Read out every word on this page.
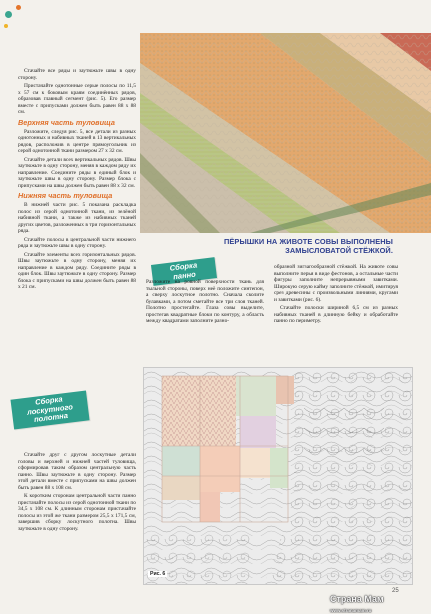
Стачайте все ряды и заутюжьте швы в одну сторону.

Пристачайте однотонные серые полосы по 11,5 х 57 см к боковым краям соединённых рядов, образовав главный сегмент (рис. 5). Его размер вместе с припусками должен быть равен 88 х 88 см.

Верхняя часть туловища

Разложите, следуя рис. 5, все детали из разных однотонных и набивных тканей в 13 вертикальных рядов, расположив в центре прямоугольник из серой однотонной ткани размером 27 х 32 см.

Стачайте детали всех вертикальных рядов. Швы заутюжьте в одну сторону, меняя в каждом ряду их направление. Соедините ряды в единый блок и заутюжьте швы в одну сторону. Размер блока с припусками на швы должен быть равен 88 х 32 см.

Нижняя часть туловища

В нижней части рис. 5 показана раскладка полос из серой однотонной ткани, из зелёной набивной ткани, а также из набивных тканей других цветов, разложенных в три горизонтальных ряда.

Стачайте полосы в центральной части нижнего ряда и заутюжьте швы в одну сторону.

Стачайте элементы всех горизонтальных рядов. Швы заутюжьте в одну сторону, меняя их направление в каждом ряду. Соедините ряды в один блок. Швы заутюжьте в одну сторону. Размер блока с припусками на швы должен быть равен 88 х 21 см.

Сборка лоскутного полотна

Стачайте друг с другом лоскутные детали головы и верхней и нижней частей туловища, сформировав таким образом центральную часть панно. Швы заутюжьте в одну сторону. Размер этой детали вместе с припусками на швы должен быть равен 88 х 108 см.

К коротким сторонам центральной части панно пристачайте полосы из серой однотонной ткани по 34,5 х 108 см. К длинным сторонам пристачайте полосы из этой же ткани размером 25,5 х 171,5 см, завершив сборку лоскутного полотна. Швы заутюжьте в одну сторону.

ПЁРЫШКИ НА ЖИВОТЕ СОВЫ ВЫПОЛНЕНЫ ЗАМЫСЛОВАТОЙ СТЁЖКОЙ.
Сборка панно

Разложите на ровной поверхности ткань для тыльной стороны, поверх неё положите синтепон, а сверху лоскутное полотно. Сначала сколите булавками, а потом сметайте все три слоя тканей. Полотно простегайте. Глаза совы выделите, простегав квадратные блоки по контуру, а область между квадратами заполните разно-

образной зигзагообразной стёжкой. На животе совы выполните перья в виде фестонов, а остальные части фигуры заполните непрерывными завитками. Широкую серую кайму заполните стёжкой, имитируя срез древесины с произвольными линиями, кругами и завитками (рис. 6).

Стачайте полоски шириной 6,5 см из разных набивных тканей в длинную бейку и обработайте панно по периметру.

Рис. 6
25
Страна Мам
www.stranamam.ru
